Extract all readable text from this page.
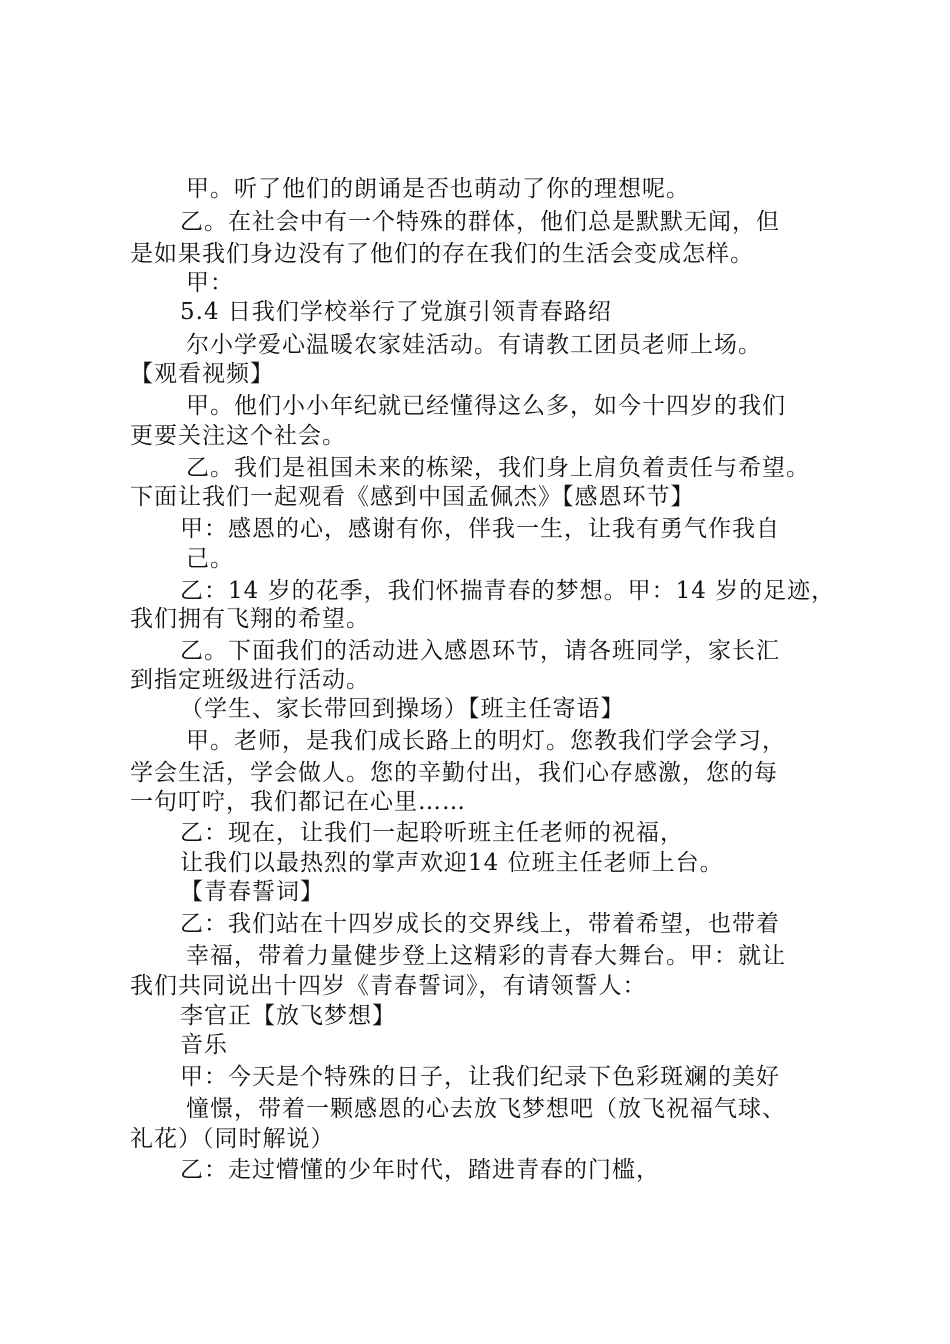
甲。听了他们的朗诵是否也萌动了你的理想呢。
乙。在社会中有一个特殊的群体，他们总是默默无闻，但
是如果我们身边没有了他们的存在我们的生活会变成怎样。
甲：
5.4 日我们学校举行了党旗引领青春路绍
尔小学爱心温暖农家娃活动。有请教工团员老师上场。
【观看视频】
甲。他们小小年纪就已经懂得这么多，如今十四岁的我们
更要关注这个社会。
乙。我们是祖国未来的栋梁，我们身上肩负着责任与希望。
下面让我们一起观看《感到中国孟佩杰》【感恩环节】
甲：感恩的心，感谢有你，伴我一生，让我有勇气作我自
己。
乙：14 岁的花季，我们怀揣青春的梦想。甲：14 岁的足迹，
我们拥有飞翔的希望。
乙。下面我们的活动进入感恩环节，请各班同学，家长汇
到指定班级进行活动。
（学生、家长带回到操场）【班主任寄语】
甲。老师，是我们成长路上的明灯。您教我们学会学习，
学会生活，学会做人。您的辛勤付出，我们心存感激，您的每
一句叮咛，我们都记在心里……
乙：现在，让我们一起聆听班主任老师的祝福，
让我们以最热烈的掌声欢迎14 位班主任老师上台。
【青春誓词】
乙：我们站在十四岁成长的交界线上，带着希望，也带着
幸福，带着力量健步登上这精彩的青春大舞台。甲：就让
我们共同说出十四岁《青春誓词》，有请领誓人：
李官正【放飞梦想】
音乐
甲：今天是个特殊的日子，让我们纪录下色彩斑斓的美好
憧憬，带着一颗感恩的心去放飞梦想吧（放飞祝福气球、
礼花）（同时解说）
乙：走过懵懂的少年时代，踏进青春的门槛，
